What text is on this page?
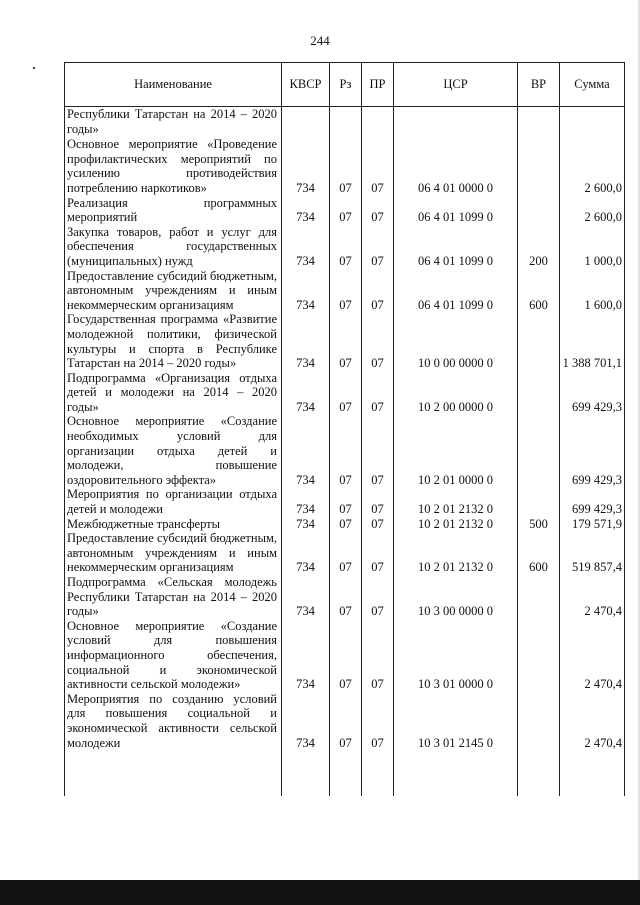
244
Наименование	КВСР	Рз	ПР	ЦСР	ВР	Сумма
Республики Татарстан на 2014 – 2020 годы»						
Основное мероприятие «Проведение профилактических мероприятий по усилению противодействия потреблению наркотиков»	734	07	07	06 4 01 0000 0		2 600,0
Реализация программных мероприятий	734	07	07	06 4 01 1099 0		2 600,0
Закупка товаров, работ и услуг для обеспечения государственных (муниципальных) нужд	734	07	07	06 4 01 1099 0	200	1 000,0
Предоставление субсидий бюджетным, автономным учреждениям и иным некоммерческим организациям	734	07	07	06 4 01 1099 0	600	1 600,0
Государственная программа «Развитие молодежной политики, физической культуры и спорта в Республике Татарстан на 2014 – 2020 годы»	734	07	07	10 0 00 0000 0		1 388 701,1
Подпрограмма «Организация отдыха детей и молодежи на 2014 – 2020 годы»	734	07	07	10 2 00 0000 0		699 429,3
Основное мероприятие «Создание необходимых условий для организации отдыха детей и молодежи, повышение оздоровительного эффекта»	734	07	07	10 2 01 0000 0		699 429,3
Мероприятия по организации отдыха детей и молодежи	734	07	07	10 2 01 2132 0		699 429,3
Межбюджетные трансферты	734	07	07	10 2 01 2132 0	500	179 571,9
Предоставление субсидий бюджетным, автономным учреждениям и иным некоммерческим организациям	734	07	07	10 2 01 2132 0	600	519 857,4
Подпрограмма «Сельская молодежь Республики Татарстан на 2014 – 2020 годы»	734	07	07	10 3 00 0000 0		2 470,4
Основное мероприятие «Создание условий для повышения информационного обеспечения, социальной и экономической активности сельской молодежи»	734	07	07	10 3 01 0000 0		2 470,4
Мероприятия по созданию условий для повышения социальной и экономической активности сельской молодежи	734	07	07	10 3 01 2145 0		2 470,4
